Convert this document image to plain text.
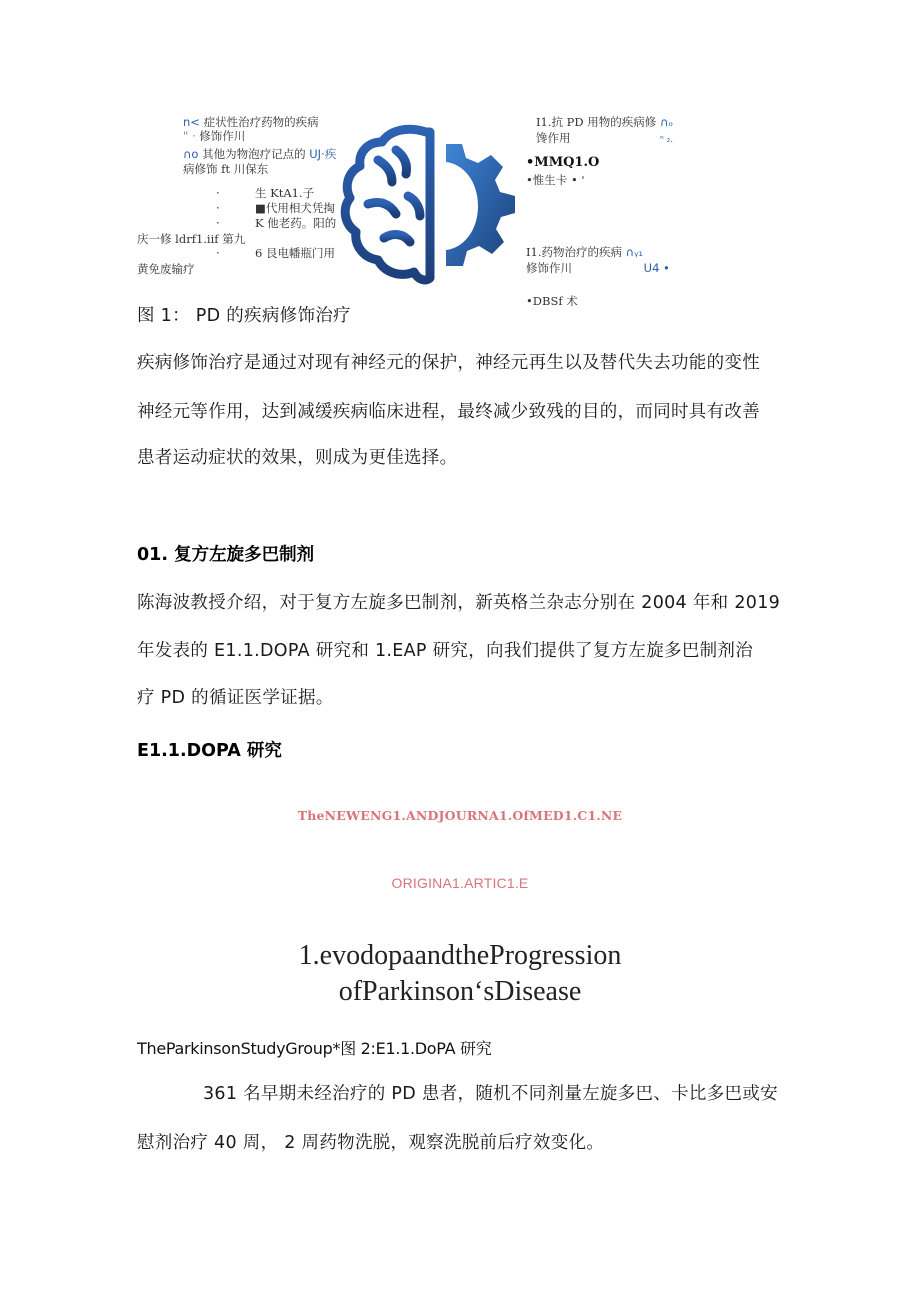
n< 症状性治疗药物的疾病
" · 修饰作川
∩o 其他为物泡疗记点的 UJ·疾
病修饰 ft 川保东
·	生 KtA1.子
·	■代用相犬凭掏
·	K 他老药。阳的
庆一修 ldrf1.iif 第九
·	6 艮电幡瓶门用
黄免废输疗
I1.抗 PD 用物的疾病修 ∩ₒ
馋作用	ⁿ ₂.
•MMQ1.O
•惟生卡 • '
I1.药物治疗的疾病 ∩ᵧ₁
修饰作川	U4 •
•DBSf 术
图 1： PD 的疾病修饰治疗
疾病修饰治疗是通过对现有神经元的保护，神经元再生以及替代失去功能的变性
神经元等作用，达到减缓疾病临床进程，最终减少致残的目的，而同时具有改善
患者运动症状的效果，则成为更佳选择。
01. 复方左旋多巴制剂
陈海波教授介绍，对于复方左旋多巴制剂，新英格兰杂志分别在 2004 年和 2019
年发表的 E1.1.DOPA 研究和 1.EAP 研究，向我们提供了复方左旋多巴制剂治
疗 PD 的循证医学证据。
E1.1.DOPA 研究
TheNEWENG1.ANDJOURNA1.OfMED1.C1.NE
ORIGINA1.ARTIC1.E
1.evodopaandtheProgression
ofParkinsonʻsDisease
TheParkinsonStudyGroup*图 2:E1.1.DoPA 研究
361 名早期未经治疗的 PD 患者，随机不同剂量左旋多巴、卡比多巴或安
慰剂治疗 40 周， 2 周药物洗脱，观察洗脱前后疗效变化。
